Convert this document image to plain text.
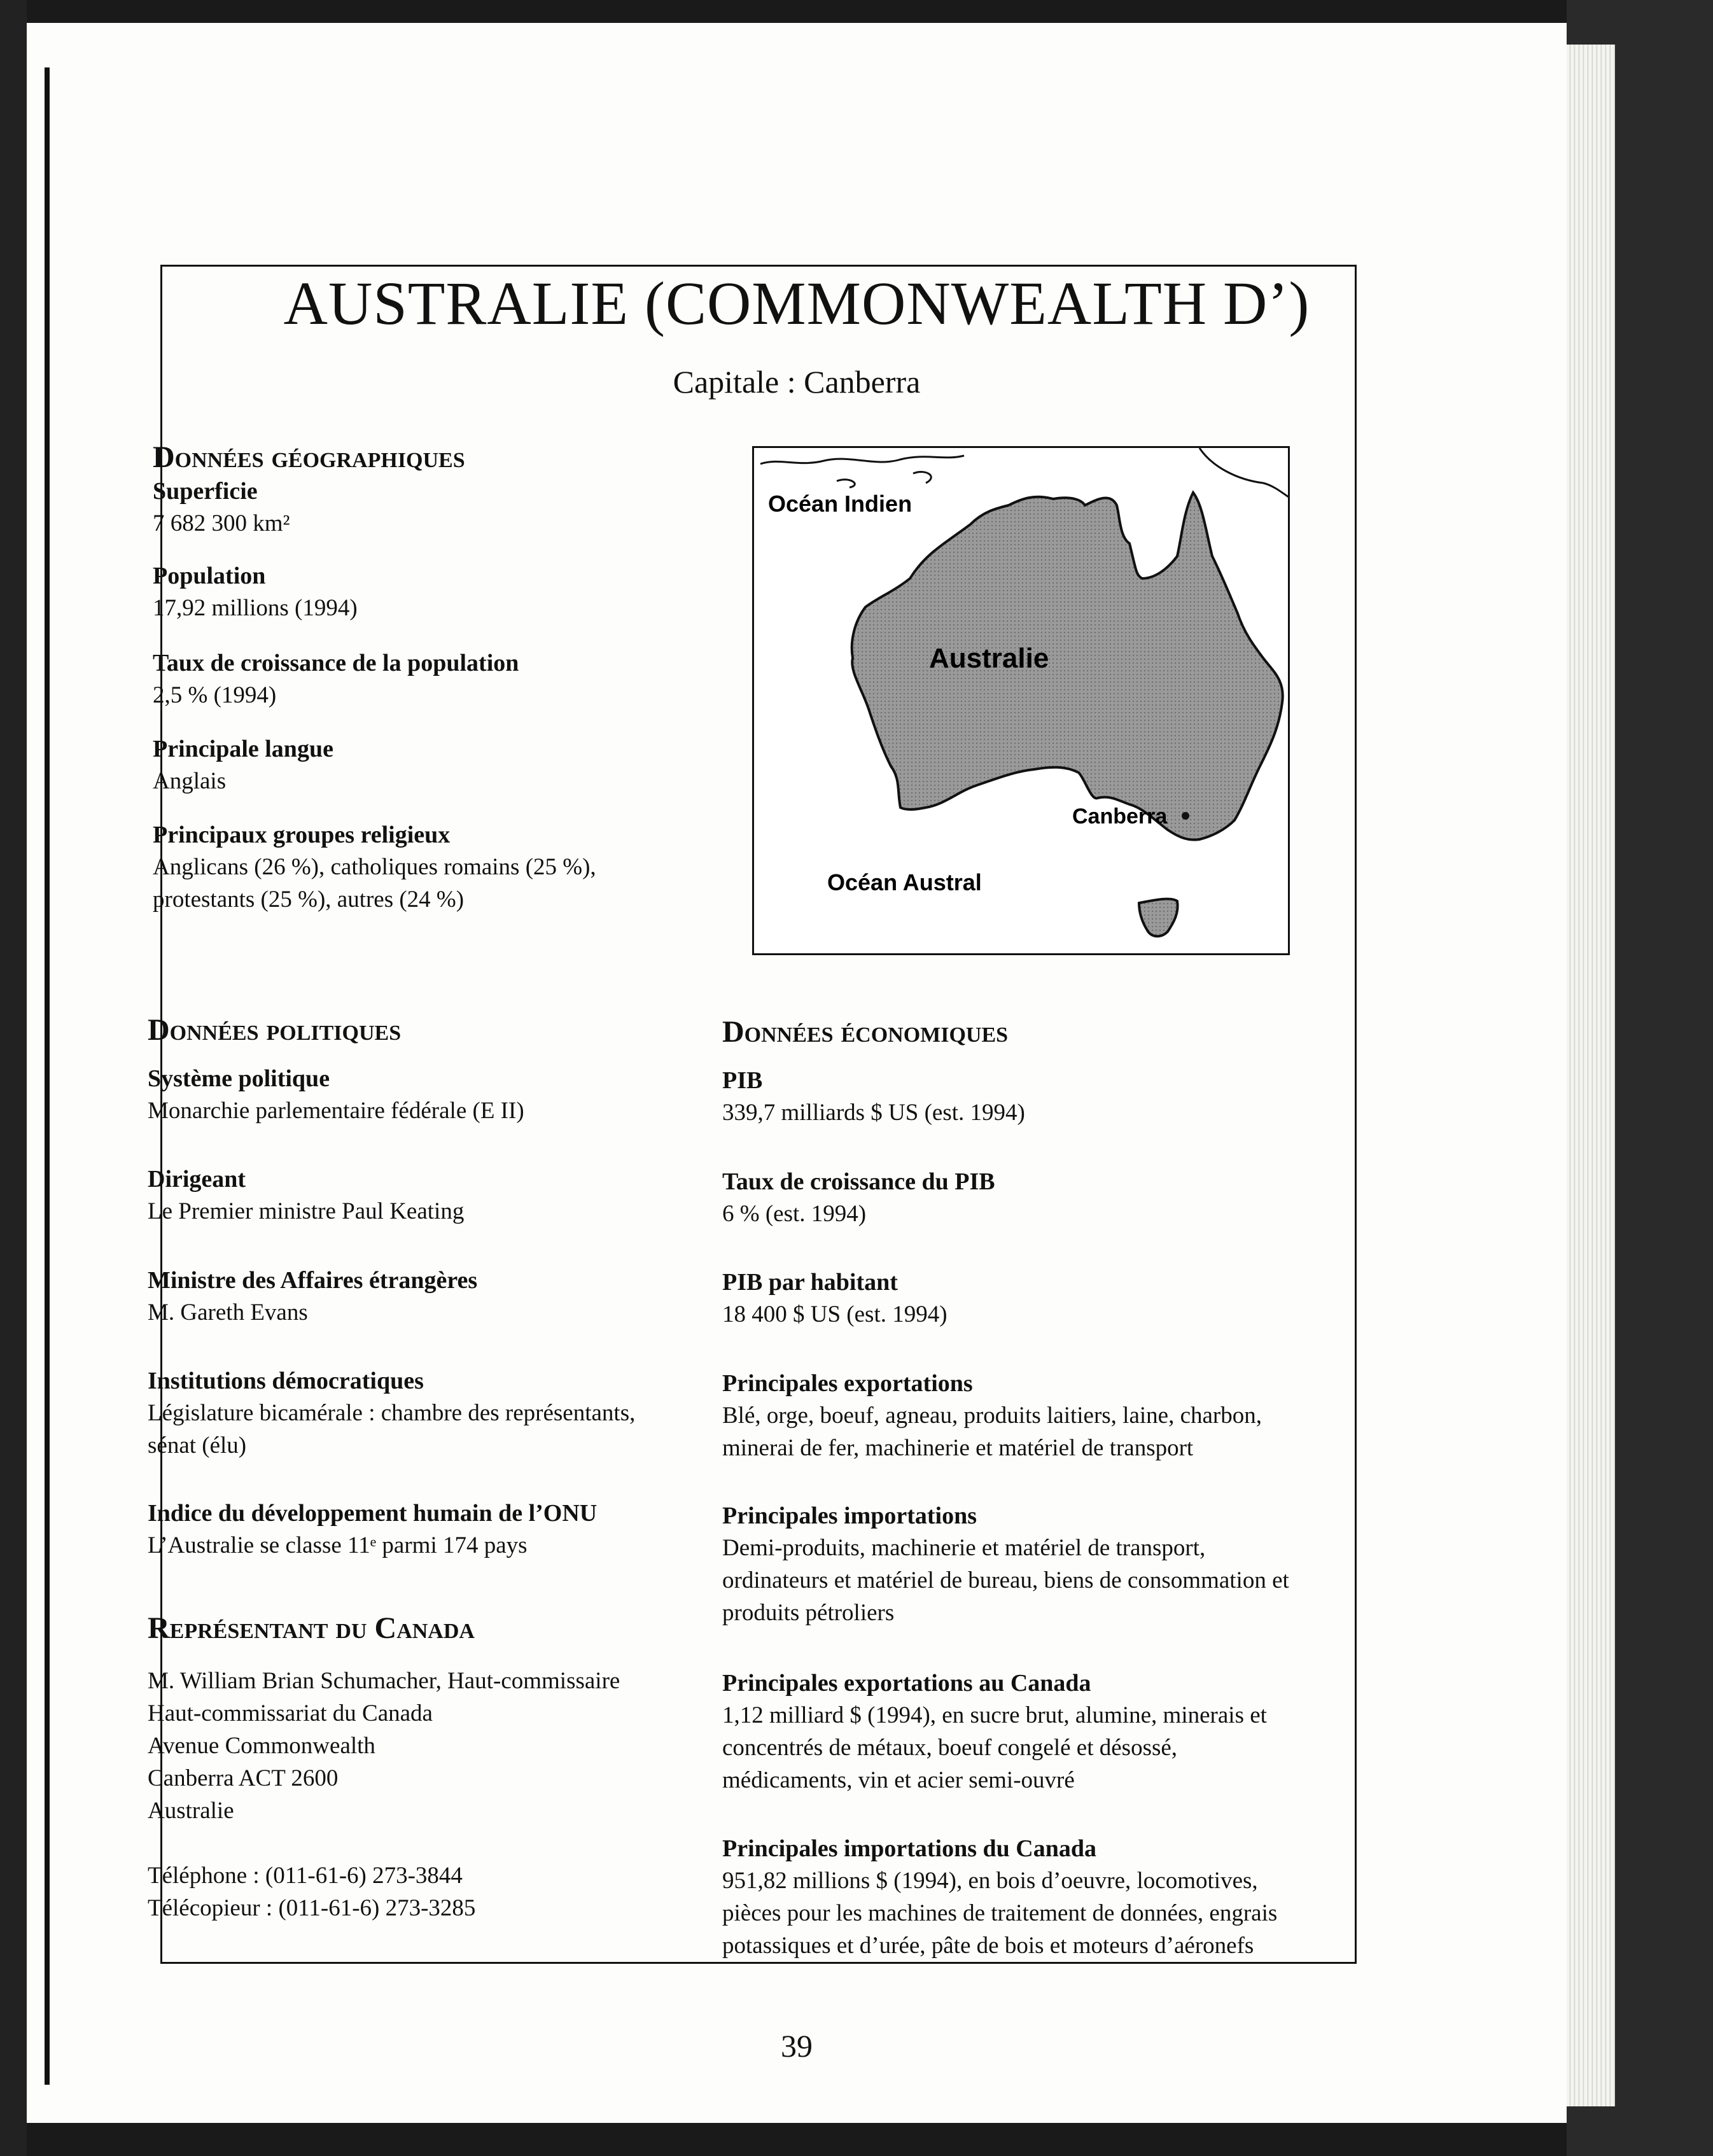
AUSTRALIE (COMMONWEALTH D’)
Capitale : Canberra
Données géographiques
Superficie
7 682 300 km²
Population
17,92 millions (1994)
Taux de croissance de la population
2,5 % (1994)
Principale langue
Anglais
Principaux groupes religieux
Anglicans (26 %), catholiques romains (25 %),
protestants (25 %), autres (24 %)
Océan Indien
Australie
Canberra
Océan Austral
Données politiques
Système politique
Monarchie parlementaire fédérale (E II)
Dirigeant
Le Premier ministre Paul Keating
Ministre des Affaires étrangères
M. Gareth Evans
Institutions démocratiques
Législature bicamérale : chambre des représentants,
sénat (élu)
Indice du développement humain de l’ONU
L’Australie se classe 11ᵉ parmi 174 pays
Représentant du Canada
M. William Brian Schumacher, Haut-commissaire
Haut-commissariat du Canada
Avenue Commonwealth
Canberra ACT 2600
Australie
Téléphone : (011-61-6) 273-3844
Télécopieur : (011-61-6) 273-3285
Données économiques
PIB
339,7 milliards $ US (est. 1994)
Taux de croissance du PIB
6 % (est. 1994)
PIB par habitant
18 400 $ US (est. 1994)
Principales exportations
Blé, orge, boeuf, agneau, produits laitiers, laine, charbon,
minerai de fer, machinerie et matériel de transport
Principales importations
Demi-produits, machinerie et matériel de transport,
ordinateurs et matériel de bureau, biens de consommation et
produits pétroliers
Principales exportations au Canada
1,12 milliard $ (1994), en sucre brut, alumine, minerais et
concentrés de métaux, boeuf congelé et désossé,
médicaments, vin et acier semi-ouvré
Principales importations du Canada
951,82 millions $ (1994), en bois d’oeuvre, locomotives,
pièces pour les machines de traitement de données, engrais
potassiques et d’urée, pâte de bois et moteurs d’aéronefs
39
